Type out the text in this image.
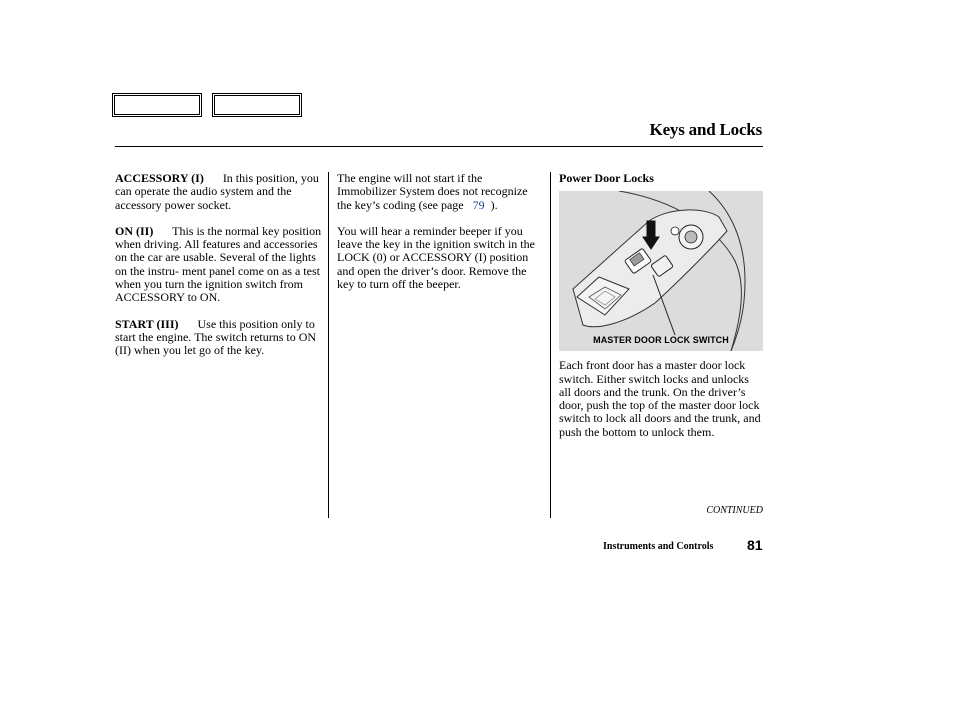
Keys and Locks

ACCESSORY (I) In this position, you can operate the audio system and the accessory power socket.

ON (II) This is the normal key position when driving. All features and accessories on the car are usable. Several of the lights on the instru- ment panel come on as a test when you turn the ignition switch from ACCESSORY to ON.

START (III) Use this position only to start the engine. The switch returns to ON (II) when you let go of the key.

The engine will not start if the Immobilizer System does not recognize the key’s coding (see page 79 ).

You will hear a reminder beeper if you leave the key in the ignition switch in the LOCK (0) or ACCESSORY (I) position and open the driver’s door. Remove the key to turn off the beeper.

Power Door Locks

MASTER DOOR LOCK SWITCH

Each front door has a master door lock switch. Either switch locks and unlocks all doors and the trunk. On the driver’s door, push the top of the master door lock switch to lock all doors and the trunk, and push the bottom to unlock them.

CONTINUED
Instruments and Controls 81
